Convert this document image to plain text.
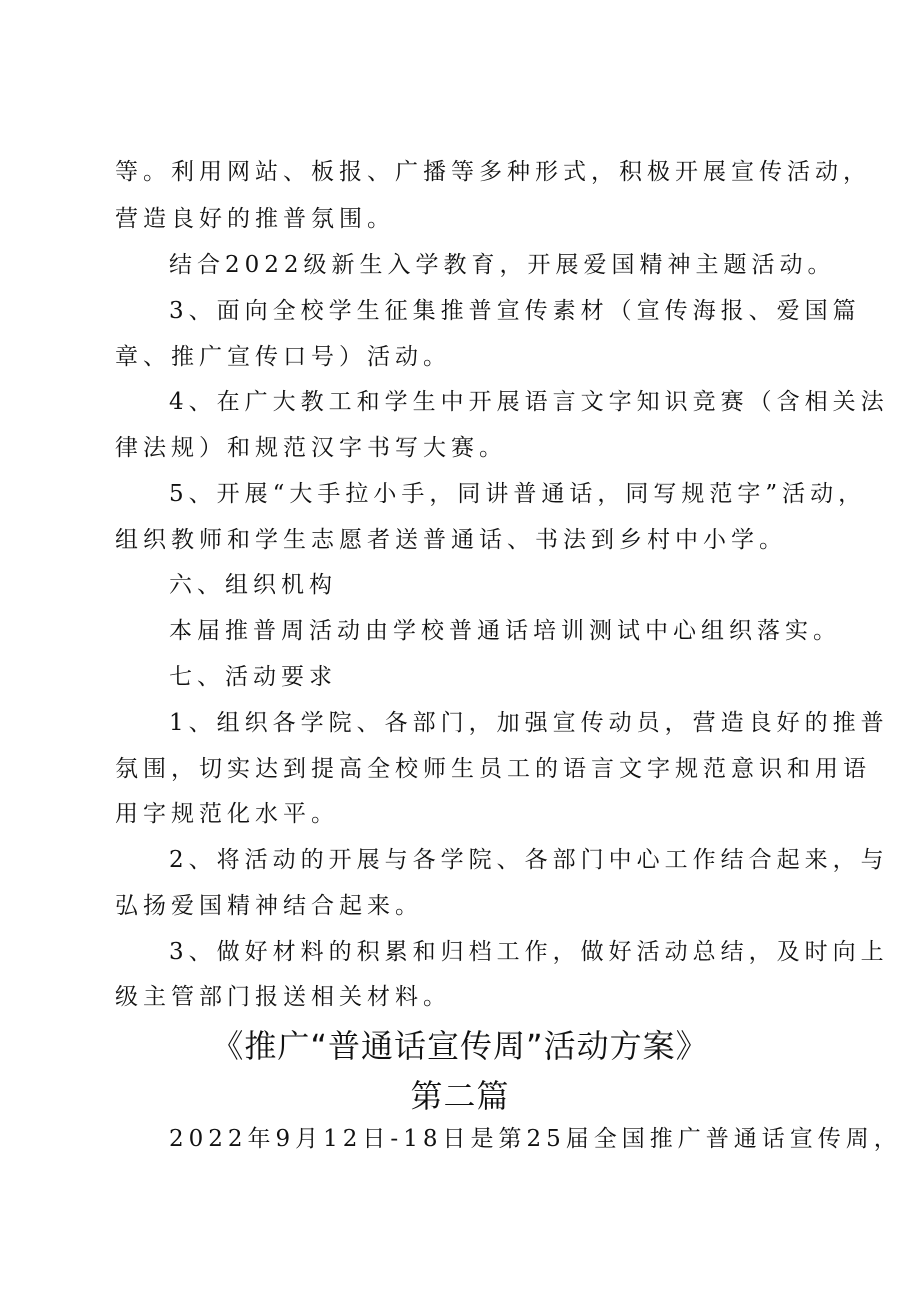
等。利用网站、板报、广播等多种形式，积极开展宣传活动，
营造良好的推普氛围。
结合2022级新生入学教育，开展爱国精神主题活动。
3、面向全校学生征集推普宣传素材（宣传海报、爱国篇
章、推广宣传口号）活动。
4、在广大教工和学生中开展语言文字知识竞赛（含相关法
律法规）和规范汉字书写大赛。
5、开展“大手拉小手，同讲普通话，同写规范字”活动，
组织教师和学生志愿者送普通话、书法到乡村中小学。
六、组织机构
本届推普周活动由学校普通话培训测试中心组织落实。
七、活动要求
1、组织各学院、各部门，加强宣传动员，营造良好的推普
氛围，切实达到提高全校师生员工的语言文字规范意识和用语
用字规范化水平。
2、将活动的开展与各学院、各部门中心工作结合起来，与
弘扬爱国精神结合起来。
3、做好材料的积累和归档工作，做好活动总结，及时向上
级主管部门报送相关材料。
《推广“普通话宣传周”活动方案》
第二篇
2022年9月12日-18日是第25届全国推广普通话宣传周，
